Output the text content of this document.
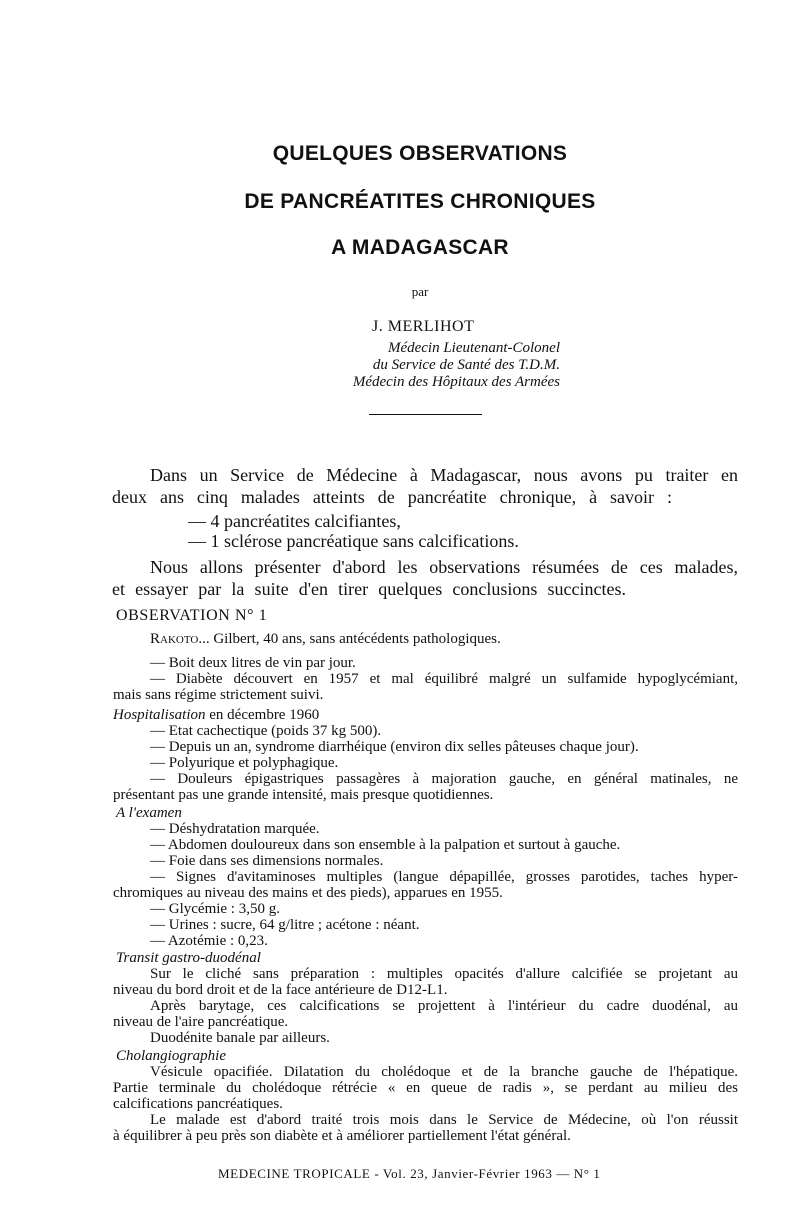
QUELQUES OBSERVATIONS
DE PANCRÉATITES CHRONIQUES
A MADAGASCAR
par
J. MERLIHOT
Médecin Lieutenant-Colonel
du Service de Santé des T.D.M.
Médecin des Hôpitaux des Armées
Dans un Service de Médecine à Madagascar, nous avons pu traiter en
deux ans cinq malades atteints de pancréatite chronique, à savoir :
— 4 pancréatites calcifiantes,
— 1 sclérose pancréatique sans calcifications.
Nous allons présenter d'abord les observations résumées de ces malades,
et essayer par la suite d'en tirer quelques conclusions succinctes.
OBSERVATION N° 1
Rakoto... Gilbert, 40 ans, sans antécédents pathologiques.
— Boit deux litres de vin par jour.
— Diabète découvert en 1957 et mal équilibré malgré un sulfamide hypoglycémiant,
mais sans régime strictement suivi.
Hospitalisation en décembre 1960
— Etat cachectique (poids 37 kg 500).
— Depuis un an, syndrome diarrhéique (environ dix selles pâteuses chaque jour).
— Polyurique et polyphagique.
— Douleurs épigastriques passagères à majoration gauche, en général matinales, ne
présentant pas une grande intensité, mais presque quotidiennes.
A l'examen
— Déshydratation marquée.
— Abdomen douloureux dans son ensemble à la palpation et surtout à gauche.
— Foie dans ses dimensions normales.
— Signes d'avitaminoses multiples (langue dépapillée, grosses parotides, taches hyper-
chromiques au niveau des mains et des pieds), apparues en 1955.
— Glycémie : 3,50 g.
— Urines : sucre, 64 g/litre ; acétone : néant.
— Azotémie : 0,23.
Transit gastro-duodénal
Sur le cliché sans préparation : multiples opacités d'allure calcifiée se projetant au
niveau du bord droit et de la face antérieure de D12-L1.
Après barytage, ces calcifications se projettent à l'intérieur du cadre duodénal, au
niveau de l'aire pancréatique.
Duodénite banale par ailleurs.
Cholangiographie
Vésicule opacifiée. Dilatation du cholédoque et de la branche gauche de l'hépatique.
Partie terminale du cholédoque rétrécie « en queue de radis », se perdant au milieu des
calcifications pancréatiques.
Le malade est d'abord traité trois mois dans le Service de Médecine, où l'on réussit
à équilibrer à peu près son diabète et à améliorer partiellement l'état général.
MEDECINE TROPICALE - Vol. 23, Janvier-Février 1963 — N° 1
